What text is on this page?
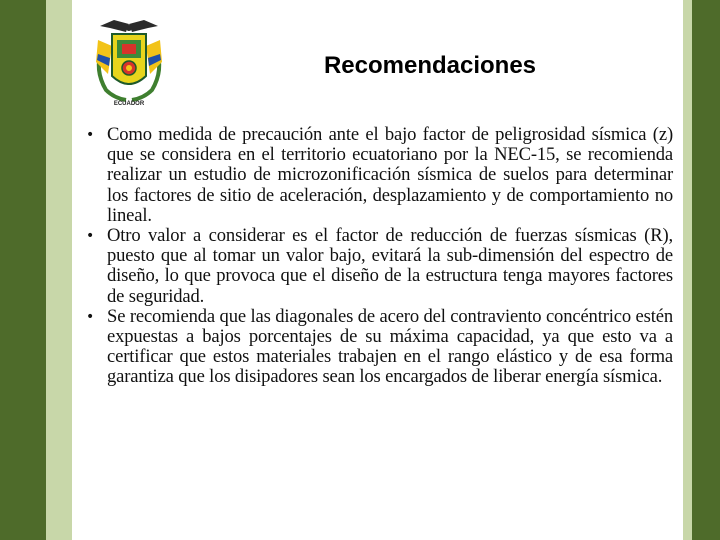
ECUADOR
Recomendaciones
• Como medida de precaución ante el bajo factor de peligrosidad sísmica (z) que se considera en el territorio ecuatoriano por la NEC-15, se recomienda realizar un estudio de microzonificación sísmica de suelos para determinar los factores de sitio de aceleración, desplazamiento y de comportamiento no lineal.
• Otro valor a considerar es el factor de reducción de fuerzas sísmicas (R), puesto que al tomar un valor bajo, evitará la sub-dimensión del espectro de diseño, lo que provoca que el diseño de la estructura tenga mayores factores de seguridad.
• Se recomienda que las diagonales de acero del contraviento concéntrico estén expuestas a bajos porcentajes de su máxima capacidad, ya que esto va a certificar que estos materiales trabajen en el rango elástico y de esa forma garantiza que los disipadores sean los encargados de liberar energía sísmica.
